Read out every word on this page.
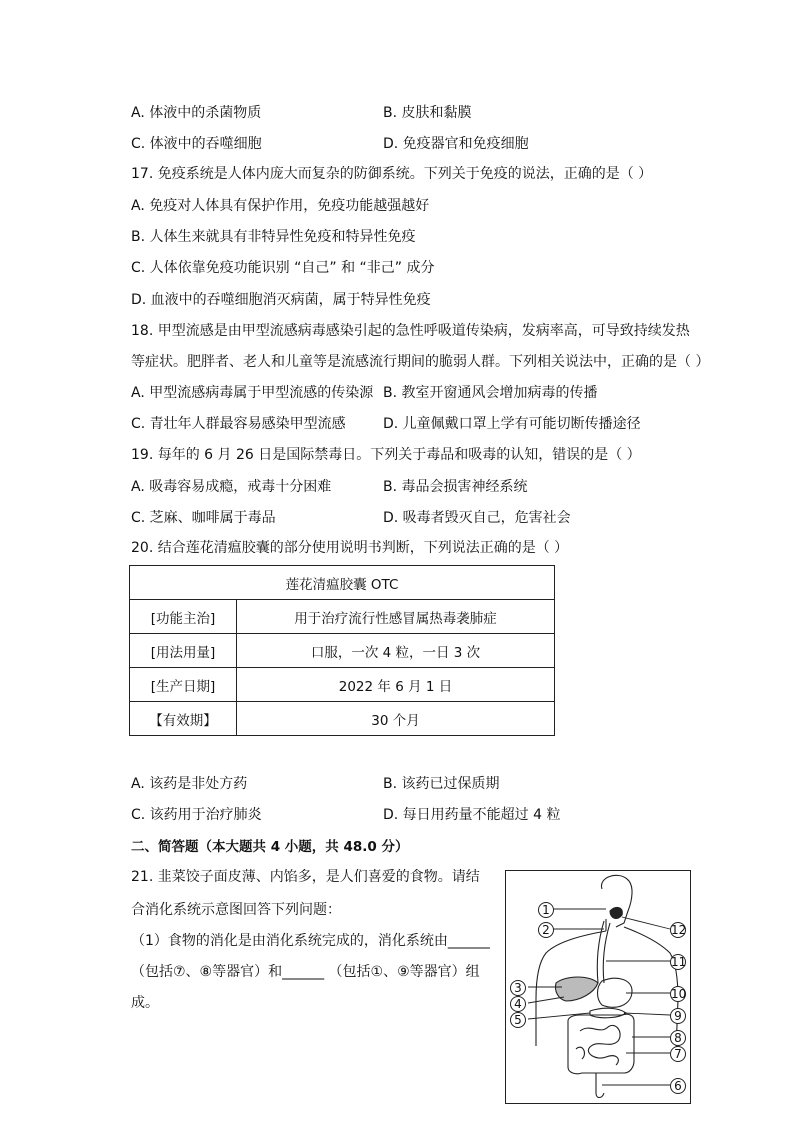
A. 体液中的杀菌物质	B. 皮肤和黏膜
C. 体液中的吞噬细胞	D. 免疫器官和免疫细胞
17. 免疫系统是人体内庞大而复杂的防御系统。下列关于免疫的说法，正确的是（ ）
A. 免疫对人体具有保护作用，免疫功能越强越好
B. 人体生来就具有非特异性免疫和特异性免疫
C. 人体依靠免疫功能识别 “自己” 和 “非己” 成分
D. 血液中的吞噬细胞消灭病菌，属于特异性免疫
18. 甲型流感是由甲型流感病毒感染引起的急性呼吸道传染病，发病率高，可导致持续发热
等症状。肥胖者、老人和儿童等是流感流行期间的脆弱人群。下列相关说法中，正确的是（ ）
A. 甲型流感病毒属于甲型流感的传染源 B. 教室开窗通风会增加病毒的传播
C. 青壮年人群最容易感染甲型流感	D. 儿童佩戴口罩上学有可能切断传播途径
19. 每年的 6 月 26 日是国际禁毒日。下列关于毒品和吸毒的认知，错误的是（ ）
A. 吸毒容易成瘾，戒毒十分困难	B. 毒品会损害神经系统
C. 芝麻、咖啡属于毒品	D. 吸毒者毁灭自己，危害社会
20. 结合莲花清瘟胶囊的部分使用说明书判断，下列说法正确的是（ ）
莲花清瘟胶囊 OTC	
[功能主治]	用于治疗流行性感冒属热毒袭肺症
[用法用量]	口服，一次 4 粒，一日 3 次
[生产日期]	2022 年 6 月 1 日
【有效期】	30 个月
A. 该药是非处方药	B. 该药已过保质期
C. 该药用于治疗肺炎	D. 每日用药量不能超过 4 粒
二、简答题（本大题共 4 小题，共 48.0 分）
21. 韭菜饺子面皮薄、内馅多，是人们喜爱的食物。请结
合消化系统示意图回答下列问题：
（1）食物的消化是由消化系统完成的，消化系统由______
（包括⑦、⑧等器官）和______ （包括①、⑨等器官）组
成。
1
2	12
11
3
4
5
10
9
8
7
6
